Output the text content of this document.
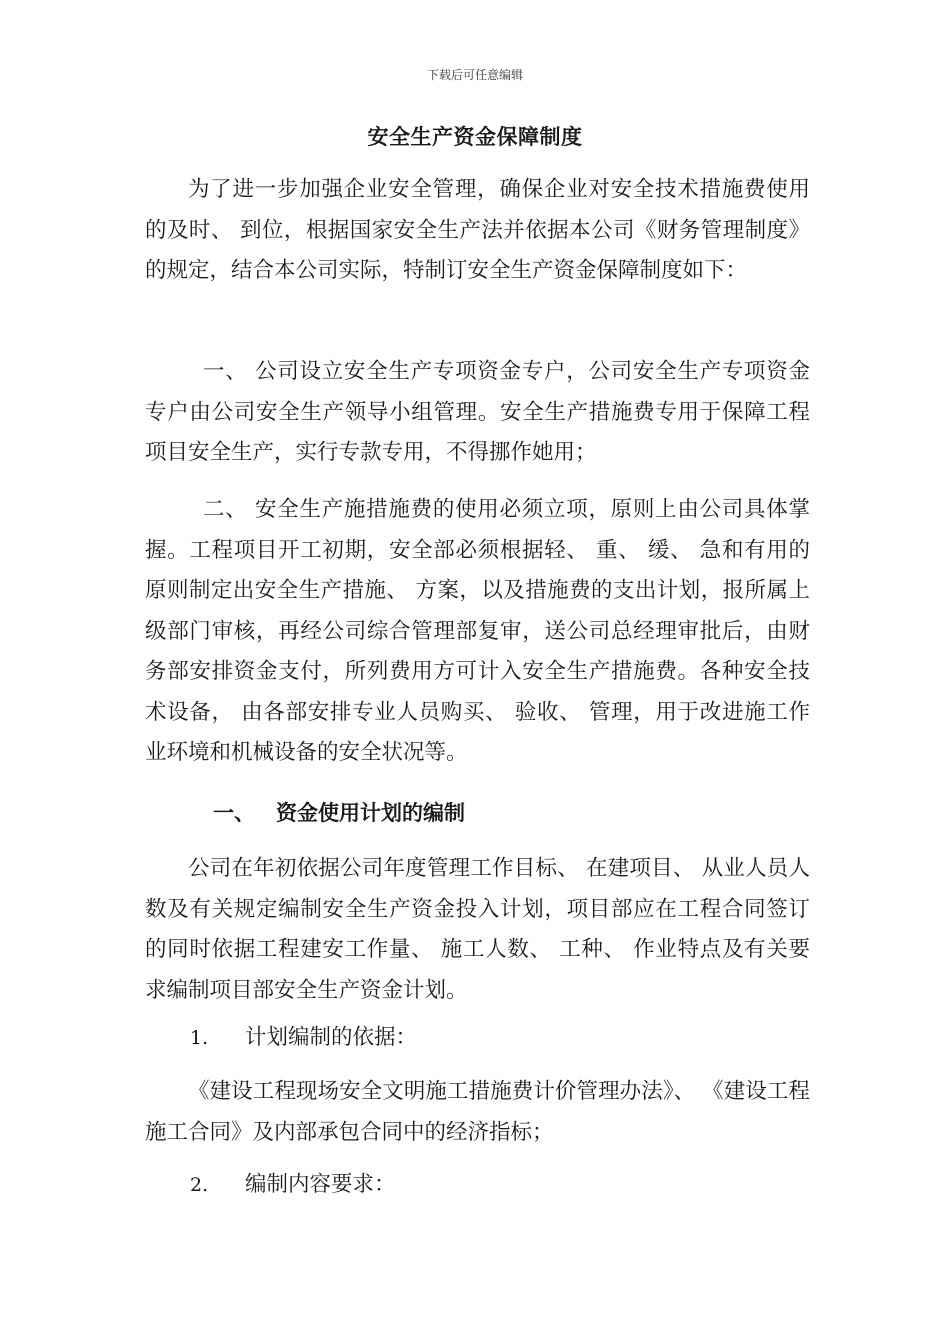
下载后可任意编辑
安全生产资金保障制度

为了进一步加强企业安全管理，确保企业对安全技术措施费使用的及时、 到位，根据国家安全生产法并依据本公司《财务管理制度》的规定，结合本公司实际，特制订安全生产资金保障制度如下：

一、 公司设立安全生产专项资金专户，公司安全生产专项资金专户由公司安全生产领导小组管理。安全生产措施费专用于保障工程项目安全生产，实行专款专用，不得挪作她用；

二、 安全生产施措施费的使用必须立项，原则上由公司具体掌握。工程项目开工初期，安全部必须根据轻、 重、 缓、 急和有用的原则制定出安全生产措施、 方案，以及措施费的支出计划，报所属上级部门审核，再经公司综合管理部复审，送公司总经理审批后，由财务部安排资金支付，所列费用方可计入安全生产措施费。各种安全技术设备， 由各部安排专业人员购买、 验收、 管理，用于改进施工作业环境和机械设备的安全状况等。

一、 资金使用计划的编制

公司在年初依据公司年度管理工作目标、 在建项目、 从业人员人数及有关规定编制安全生产资金投入计划，项目部应在工程合同签订的同时依据工程建安工作量、 施工人数、 工种、 作业特点及有关要求编制项目部安全生产资金计划。

1. 计划编制的依据：

《建设工程现场安全文明施工措施费计价管理办法》、 《建设工程施工合同》及内部承包合同中的经济指标；

2. 编制内容要求：
